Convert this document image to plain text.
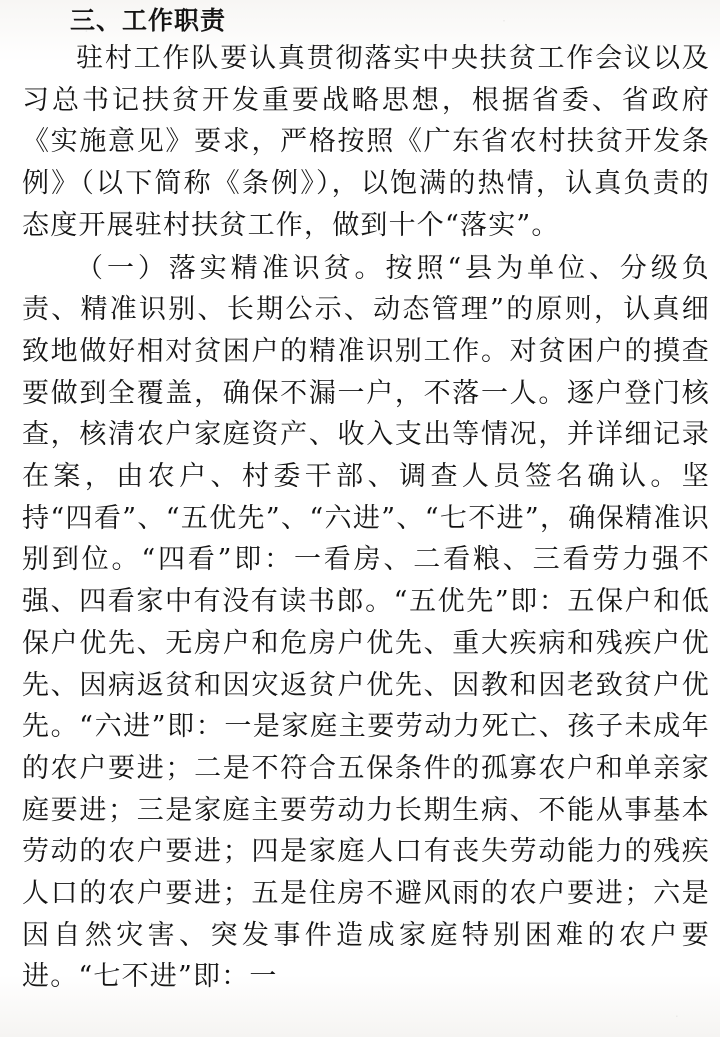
三、工作职责

驻村工作队要认真贯彻落实中央扶贫工作会议以及习总书记扶贫开发重要战略思想，根据省委、省政府《实施意见》要求，严格按照《广东省农村扶贫开发条例》（以下简称《条例》），以饱满的热情，认真负责的态度开展驻村扶贫工作，做到十个“落实”。

（一）落实精准识贫。按照“县为单位、分级负责、精准识别、长期公示、动态管理”的原则，认真细致地做好相对贫困户的精准识别工作。对贫困户的摸查要做到全覆盖，确保不漏一户，不落一人。逐户登门核查，核清农户家庭资产、收入支出等情况，并详细记录在案，由农户、村委干部、调查人员签名确认。坚持“四看”、“五优先”、“六进”、“七不进”，确保精准识别到位。“四看”即：一看房、二看粮、三看劳力强不强、四看家中有没有读书郎。“五优先”即：五保户和低保户优先、无房户和危房户优先、重大疾病和残疾户优先、因病返贫和因灾返贫户优先、因教和因老致贫户优先。“六进”即：一是家庭主要劳动力死亡、孩子未成年的农户要进；二是不符合五保条件的孤寡农户和单亲家庭要进；三是家庭主要劳动力长期生病、不能从事基本劳动的农户要进；四是家庭人口有丧失劳动能力的残疾人口的农户要进；五是住房不避风雨的农户要进；六是因自然灾害、突发事件造成家庭特别困难的农户要进。“七不进”即：一
